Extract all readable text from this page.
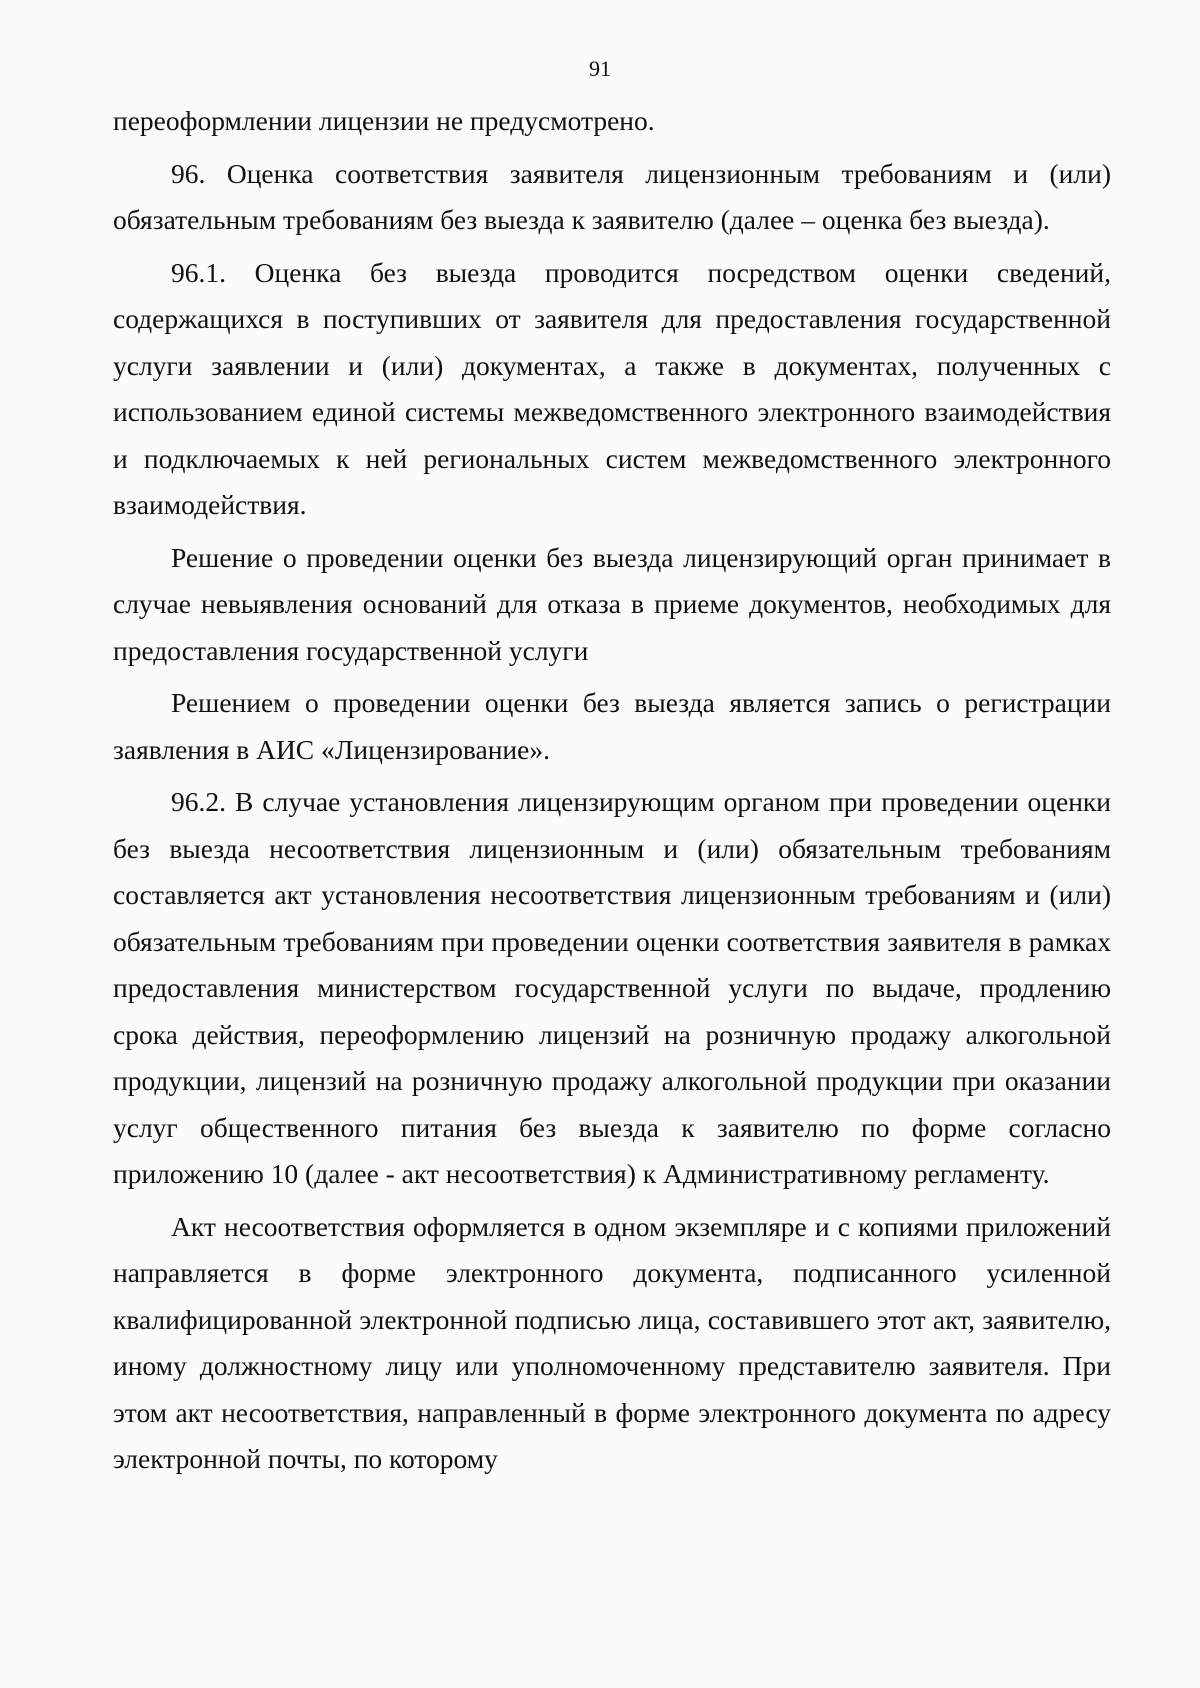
91

переоформлении лицензии не предусмотрено.

96. Оценка соответствия заявителя лицензионным требованиям и (или) обязательным требованиям без выезда к заявителю (далее – оценка без выезда).

96.1. Оценка без выезда проводится посредством оценки сведений, содержащихся в поступивших от заявителя для предоставления государственной услуги заявлении и (или) документах, а также в документах, полученных с использованием единой системы межведомственного электронного взаимодействия и подключаемых к ней региональных систем межведомственного электронного взаимодействия.

Решение о проведении оценки без выезда лицензирующий орган принимает в случае невыявления оснований для отказа в приеме документов, необходимых для предоставления государственной услуги

Решением о проведении оценки без выезда является запись о регистрации заявления в АИС «Лицензирование».

96.2. В случае установления лицензирующим органом при проведении оценки без выезда несоответствия лицензионным и (или) обязательным требованиям составляется акт установления несоответствия лицензионным требованиям и (или) обязательным требованиям при проведении оценки соответствия заявителя в рамках предоставления министерством государственной услуги по выдаче, продлению срока действия, переоформлению лицензий на розничную продажу алкогольной продукции, лицензий на розничную продажу алкогольной продукции при оказании услуг общественного питания без выезда к заявителю по форме согласно приложению 10 (далее - акт несоответствия) к Административному регламенту.

Акт несоответствия оформляется в одном экземпляре и с копиями приложений направляется в форме электронного документа, подписанного усиленной квалифицированной электронной подписью лица, составившего этот акт, заявителю, иному должностному лицу или уполномоченному представителю заявителя. При этом акт несоответствия, направленный в форме электронного документа по адресу электронной почты, по которому
